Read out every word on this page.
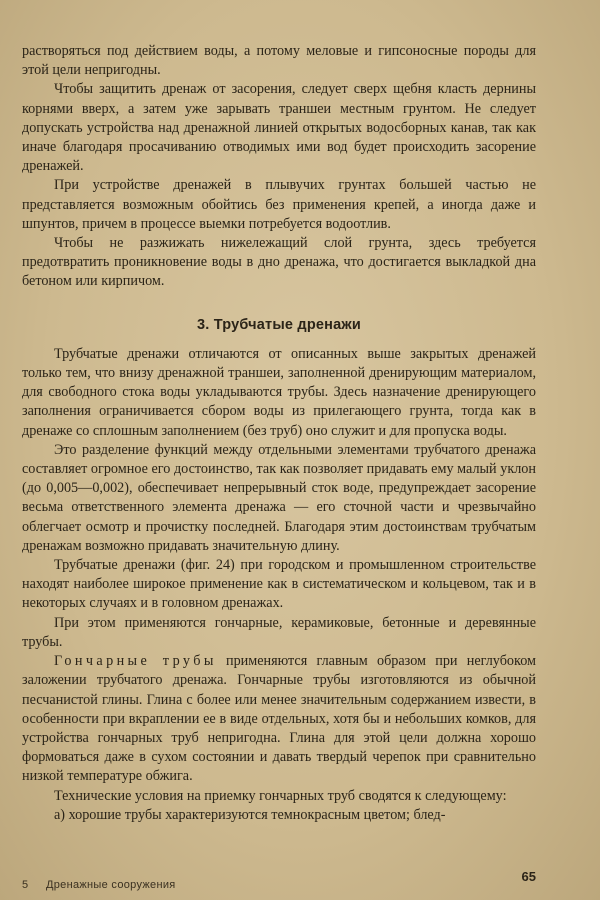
растворяться под действием воды, а потому меловые и гипсоносные породы для этой цели непригодны.

Чтобы защитить дренаж от засорения, следует сверх щебня класть дернины корнями вверх, а затем уже зарывать траншеи местным грунтом. Не следует допускать устройства над дренажной линией открытых водосборных канав, так как иначе благодаря просачиванию отводимых ими вод будет происходить засорение дренажей.

При устройстве дренажей в плывучих грунтах большей частью не представляется возможным обойтись без применения крепей, а иногда даже и шпунтов, причем в процессе выемки потребуется водоотлив.

Чтобы не разжижать нижележащий слой грунта, здесь требуется предотвратить проникновение воды в дно дренажа, что достигается выкладкой дна бетоном или кирпичом.

3. Трубчатые дренажи

Трубчатые дренажи отличаются от описанных выше закрытых дренажей только тем, что внизу дренажной траншеи, заполненной дренирующим материалом, для свободного стока воды укладываются трубы. Здесь назначение дренирующего заполнения ограничивается сбором воды из прилегающего грунта, тогда как в дренаже со сплошным заполнением (без труб) оно служит и для пропуска воды.

Это разделение функций между отдельными элементами трубчатого дренажа составляет огромное его достоинство, так как позволяет придавать ему малый уклон (до 0,005—0,002), обеспечивает непрерывный сток воде, предупреждает засорение весьма ответственного элемента дренажа — его сточной части и чрезвычайно облегчает осмотр и прочистку последней. Благодаря этим достоинствам трубчатым дренажам возможно придавать значительную длину.

Трубчатые дренажи (фиг. 24) при городском и промышленном строительстве находят наиболее широкое применение как в систематическом и кольцевом, так и в некоторых случаях и в головном дренажах.

При этом применяются гончарные, керамиковые, бетонные и деревянные трубы.

Гончарные трубы применяются главным образом при неглубоком заложении трубчатого дренажа. Гончарные трубы изготовляются из обычной песчанистой глины. Глина с более или менее значительным содержанием извести, в особенности при вкраплении ее в виде отдельных, хотя бы и небольших комков, для устройства гончарных труб непригодна. Глина для этой цели должна хорошо формоваться даже в сухом состоянии и давать твердый черепок при сравнительно низкой температуре обжига.

Технические условия на приемку гончарных труб сводятся к следующему:

а) хорошие трубы характеризуются темнокрасным цветом; блед-

5 Дренажные сооружения
65
